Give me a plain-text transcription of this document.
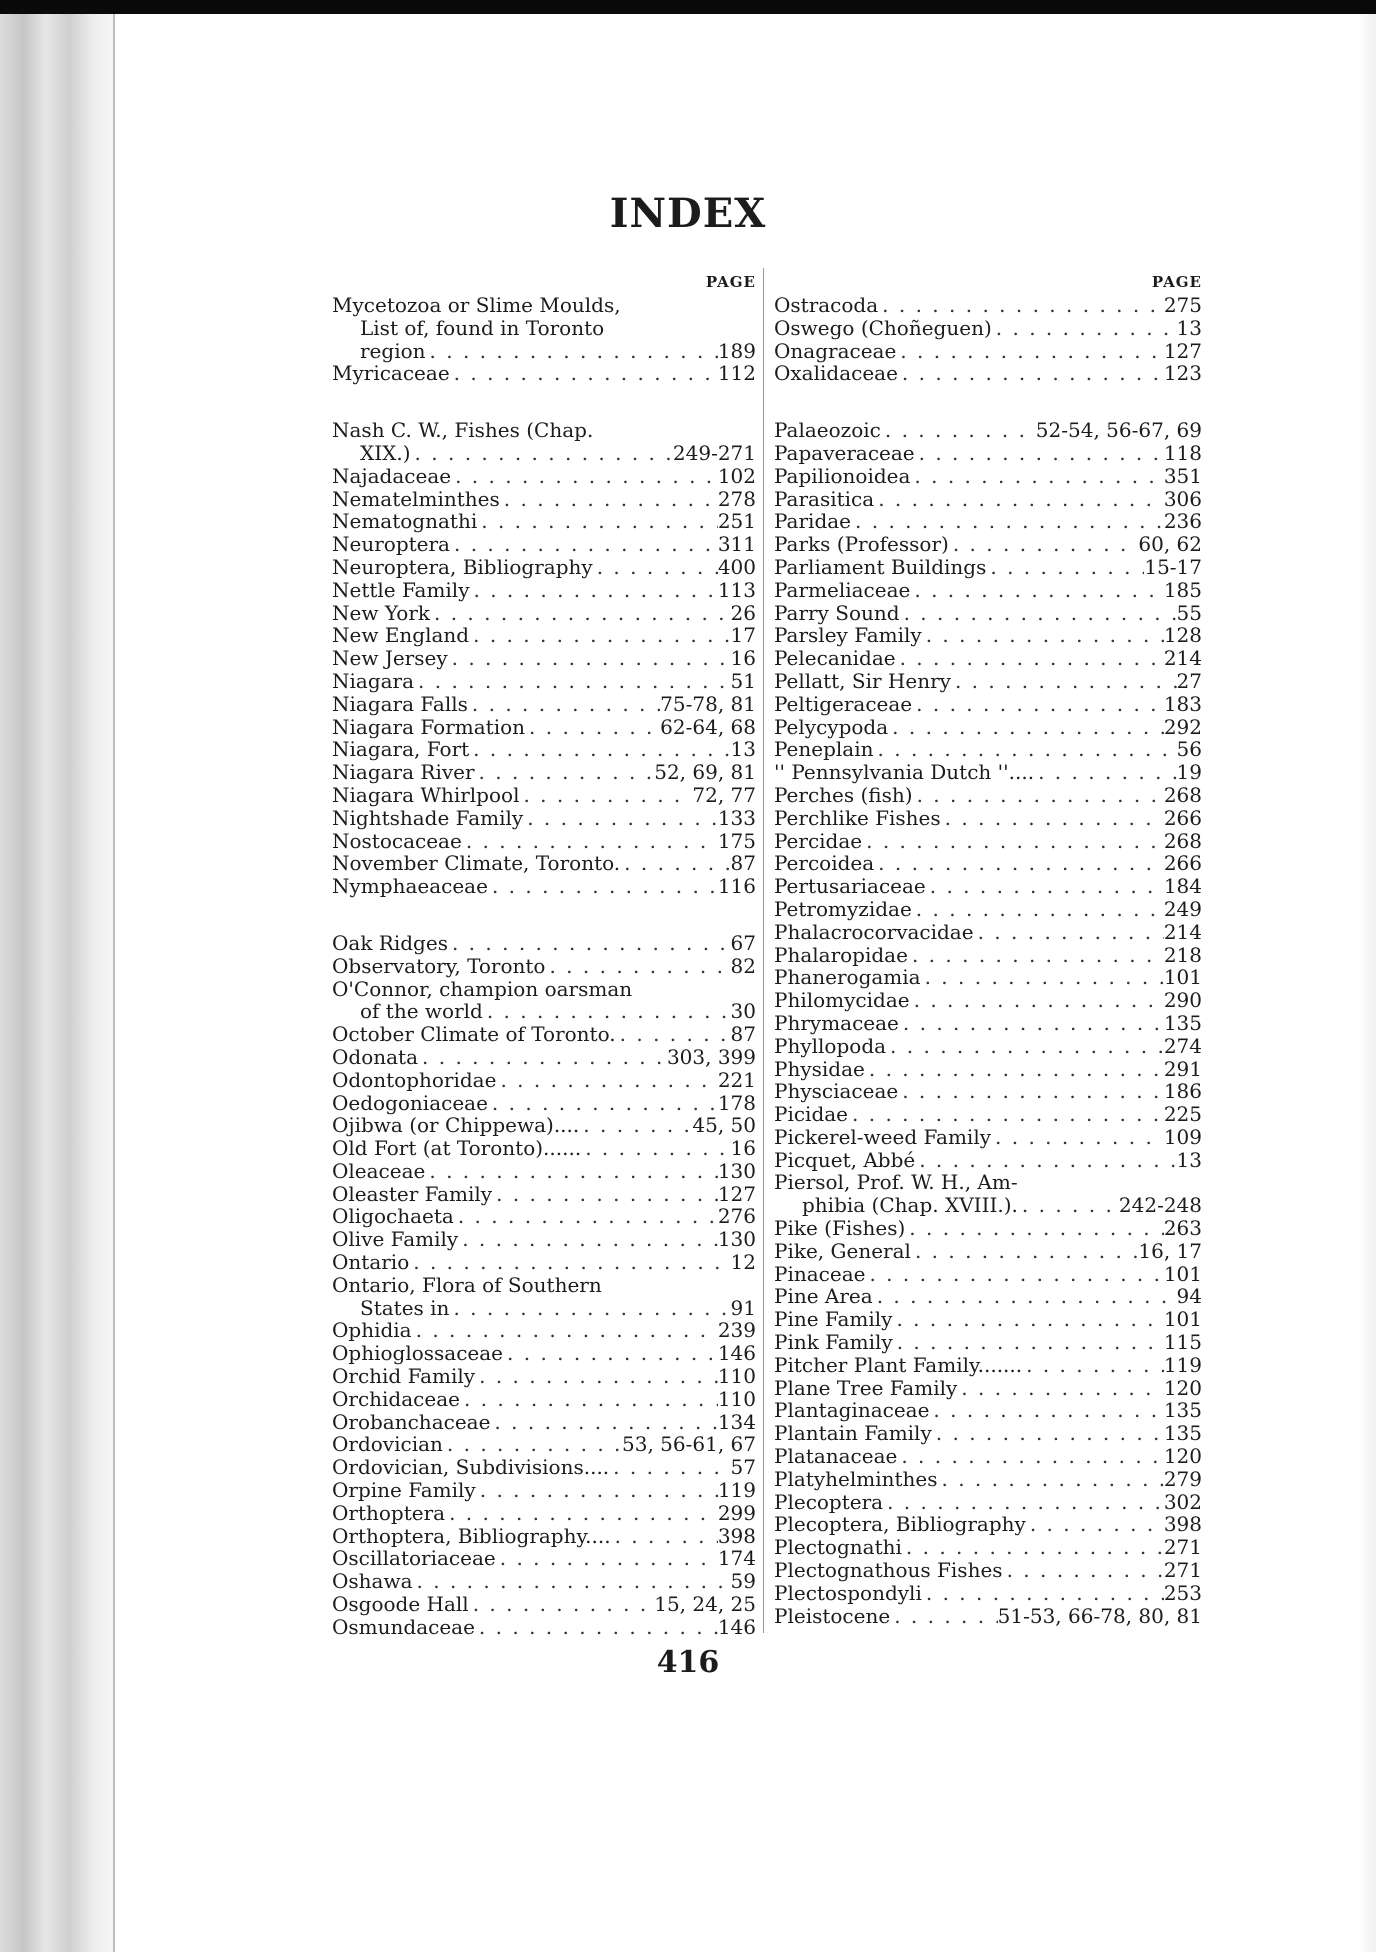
INDEX
PAGE
Mycetozoa or Slime Moulds,
List of, found in Toronto
region . . .	189
Myricaceae . . .	112
Nash C. W., Fishes (Chap.
XIX.) . . .	249-271
Najadaceae . . .	102
Nematelminthes . . .	278
Nematognathi . . .	251
Neuroptera . . .	311
Neuroptera, Bibliography . . .	400
Nettle Family . . .	113
New York . . .	26
New England . . .	17
New Jersey . . .	16
Niagara . . .	51
Niagara Falls . . .	75-78, 81
Niagara Formation . . .	62-64, 68
Niagara, Fort . . .	13
Niagara River . . .	52, 69, 81
Niagara Whirlpool . . .	72, 77
Nightshade Family . . .	133
Nostocaceae . . .	175
November Climate, Toronto. . . .	87
Nymphaeaceae . . .	116
Oak Ridges . . .	67
Observatory, Toronto . . .	82
O'Connor, champion oarsman
of the world . . .	30
October Climate of Toronto. . . .	87
Odonata . . .	303, 399
Odontophoridae . . .	221
Oedogoniaceae . . .	178
Ojibwa (or Chippewa).... . . .	45, 50
Old Fort (at Toronto)...... . . .	16
Oleaceae . . .	130
Oleaster Family . . .	127
Oligochaeta . . .	276
Olive Family . . .	130
Ontario . . .	12
Ontario, Flora of Southern
States in . . .	91
Ophidia . . .	239
Ophioglossaceae . . .	146
Orchid Family . . .	110
Orchidaceae . . .	110
Orobanchaceae . . .	134
Ordovician . . .	53, 56-61, 67
Ordovician, Subdivisions.... . . .	57
Orpine Family . . .	119
Orthoptera . . .	299
Orthoptera, Bibliography.... . . .	398
Oscillatoriaceae . . .	174
Oshawa . . .	59
Osgoode Hall . . .	15, 24, 25
Osmundaceae . . .	146
PAGE
Ostracoda . . .	275
Oswego (Choñeguen) . . .	13
Onagraceae . . .	127
Oxalidaceae . . .	123
Palaeozoic . . .	52-54, 56-67, 69
Papaveraceae . . .	118
Papilionoidea . . .	351
Parasitica . . .	306
Paridae . . .	236
Parks (Professor) . . .	60, 62
Parliament Buildings . . .	15-17
Parmeliaceae . . .	185
Parry Sound . . .	55
Parsley Family . . .	128
Pelecanidae . . .	214
Pellatt, Sir Henry . . .	27
Peltigeraceae . . .	183
Pelycypoda . . .	292
Peneplain . . .	56
'' Pennsylvania Dutch ''.... . . .	19
Perches (fish) . . .	268
Perchlike Fishes . . .	266
Percidae . . .	268
Percoidea . . .	266
Pertusariaceae . . .	184
Petromyzidae . . .	249
Phalacrocorvacidae . . .	214
Phalaropidae . . .	218
Phanerogamia . . .	101
Philomycidae . . .	290
Phrymaceae . . .	135
Phyllopoda . . .	274
Physidae . . .	291
Physciaceae . . .	186
Picidae . . .	225
Pickerel-weed Family . . .	109
Picquet, Abbé . . .	13
Piersol, Prof. W. H., Am-
phibia (Chap. XVIII.). . . .	242-248
Pike (Fishes) . . .	263
Pike, General . . .	16, 17
Pinaceae . . .	101
Pine Area . . .	94
Pine Family . . .	101
Pink Family . . .	115
Pitcher Plant Family....... . . .	119
Plane Tree Family . . .	120
Plantaginaceae . . .	135
Plantain Family . . .	135
Platanaceae . . .	120
Platyhelminthes . . .	279
Plecoptera . . .	302
Plecoptera, Bibliography . . .	398
Plectognathi . . .	271
Plectognathous Fishes . . .	271
Plectospondyli . . .	253
Pleistocene . . .	51-53, 66-78, 80, 81
416
